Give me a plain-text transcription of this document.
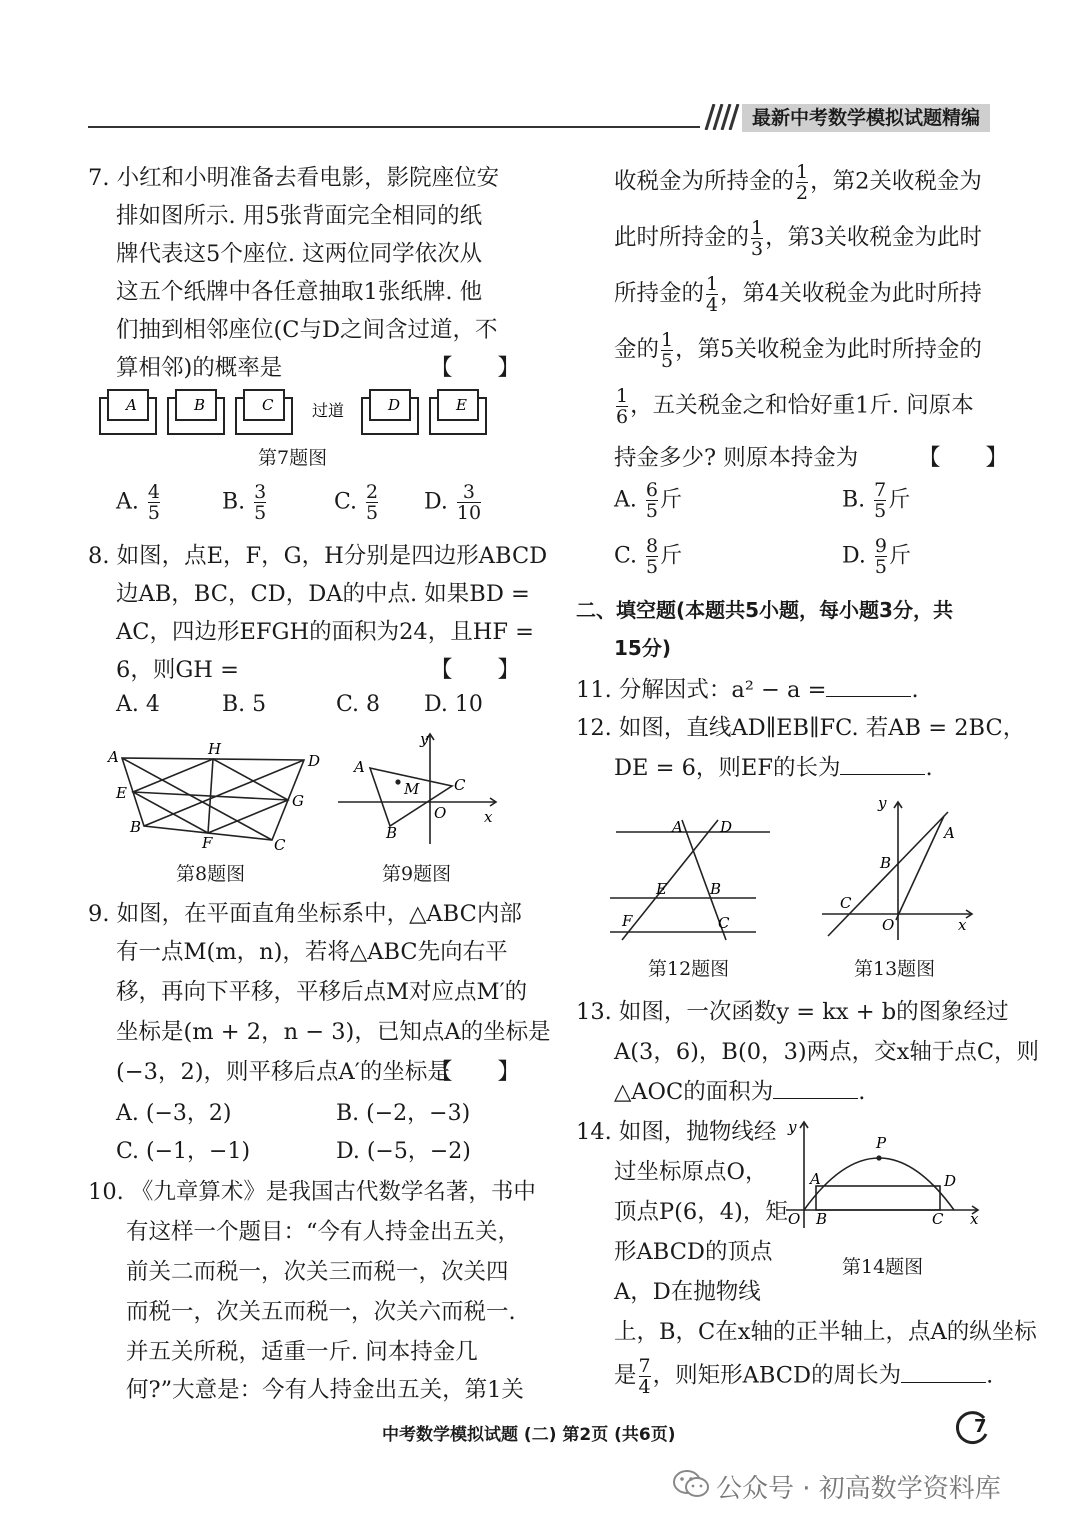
最新中考数学模拟试题精编
7. 小红和小明准备去看电影，影院座位安
排如图所示. 用5张背面完全相同的纸
牌代表这5个座位. 这两位同学依次从
这五个纸牌中各任意抽取1张纸牌. 他
们抽到相邻座位(C与D之间含过道，不
算相邻)的概率是	【　　】
A	B	C	D	E
过道
第7题图
A. $\frac{4}{5}$	B. $\frac{3}{5}$	C. $\frac{2}{5} D$. $\frac{3}{10}$
8. 如图，点E，F，G，H分别是四边形ABCD
边AB，BC，CD，DA的中点. 如果BD =
AC，四边形EFGH的面积为24，且HF =
6，则GH =	【　　】
A. 4	B. 5	C. 8 D. 10
A	H
D
E	G
B
F	C
第8题图
y
A
M C
O	x
B
第9题图
9. 如图，在平面直角坐标系中，△ABC内部
有一点M(m，n)，若将△ABC先向右平
移，再向下平移，平移后点M对应点M′的
坐标是(m + 2，n − 3)，已知点A的坐标是
(−3，2)，则平移后点A′的坐标是
【　　】
A. (−3，2)	B. (−2，−3)
C. (−1，−1)	D. (−5，−2)
10. 《九章算术》是我国古代数学名著，书中
有这样一个题目：“今有人持金出五关，
前关二而税一，次关三而税一，次关四
而税一，次关五而税一，次关六而税一.
并五关所税，适重一斤. 问本持金几
何?”大意是：今有人持金出五关，第1关
收税金为所持金的 $\frac{1}{2}$ ，第2关收税金为
此时所持金的 $\frac{1}{3}$ ，第3关收税金为此时
所持金的 $\frac{1}{4}$ ，第4关收税金为此时所持
金的 $\frac{1}{5}$ ，第5关收税金为此时所持金的
$\frac{1}{6}$ ，五关税金之和恰好重1斤. 问原本
持金多少? 则原本持金为	【　　】
A. $\frac{6}{5}$ 斤	B. $\frac{7}{5}$ 斤
C. $\frac{8}{5}$ 斤	D. $\frac{9}{5}$ 斤
二、填空题(本题共5小题，每小题3分，共
15分)
11. 分解因式：a² − a =	.
12. 如图，直线AD∥EB∥FC. 若AB = 2BC，
DE = 6，则EF的长为	.
A D
E	B
F	C
第12题图
y
A
B
C
O	x
第13题图
13. 如图，一次函数y = kx + b的图象经过
A(3，6)，B(0，3)两点，交x轴于点C，则
△AOC的面积为	.
14. 如图，抛物线经
过坐标原点O，
顶点P(6，4)，矩
形ABCD的顶点
A，D在抛物线
上，B，C在x轴的正半轴上，点A的纵坐标
是 $\frac{7}{4}$ ，则矩形ABCD的周长为	.
y
P
A	D
O B	C x
第14题图
中考数学模拟试题 (二) 第2页 (共6页)	7
公众号 · 初高数学资料库
